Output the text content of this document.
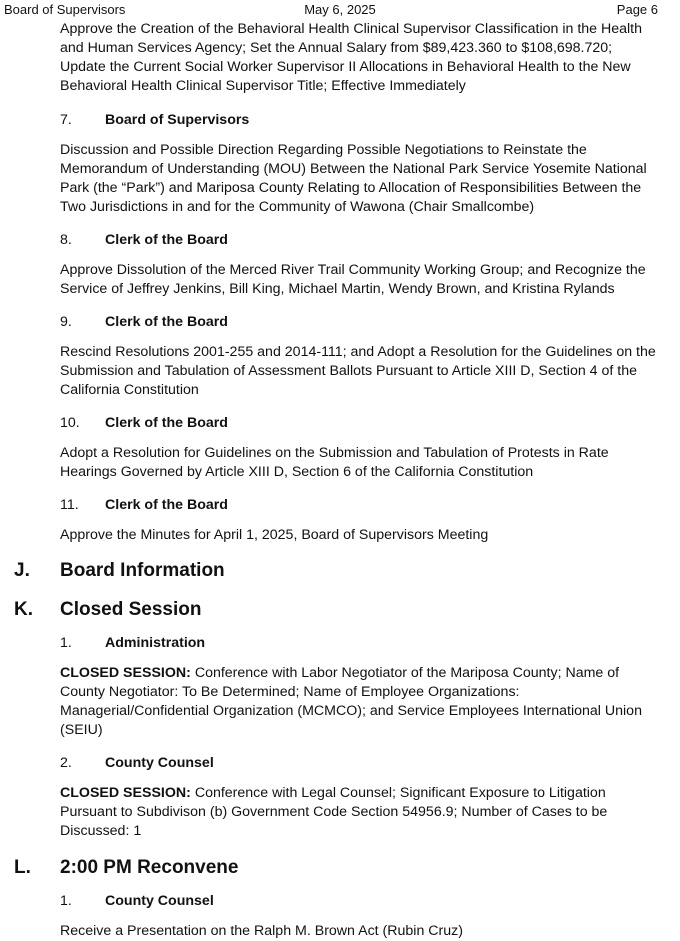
Board of Supervisors	May 6, 2025	Page 6

Approve the Creation of the Behavioral Health Clinical Supervisor Classification in the Health and Human Services Agency; Set the Annual Salary from $89,423.360 to $108,698.720; Update the Current Social Worker Supervisor II Allocations in Behavioral Health to the New Behavioral Health Clinical Supervisor Title; Effective Immediately

7.	Board of Supervisors

Discussion and Possible Direction Regarding Possible Negotiations to Reinstate the Memorandum of Understanding (MOU) Between the National Park Service Yosemite National Park (the “Park”) and Mariposa County Relating to Allocation of Responsibilities Between the Two Jurisdictions in and for the Community of Wawona (Chair Smallcombe)

8.	Clerk of the Board

Approve Dissolution of the Merced River Trail Community Working Group; and Recognize the Service of Jeffrey Jenkins, Bill King, Michael Martin, Wendy Brown, and Kristina Rylands

9.	Clerk of the Board

Rescind Resolutions 2001-255 and 2014-111; and Adopt a Resolution for the Guidelines on the Submission and Tabulation of Assessment Ballots Pursuant to Article XIII D, Section 4 of the California Constitution

10.	Clerk of the Board

Adopt a Resolution for Guidelines on the Submission and Tabulation of Protests in Rate Hearings Governed by Article XIII D, Section 6 of the California Constitution

11.	Clerk of the Board

Approve the Minutes for April 1, 2025, Board of Supervisors Meeting

J. Board Information
K. Closed Session
1.	Administration

CLOSED SESSION: Conference with Labor Negotiator of the Mariposa County; Name of County Negotiator: To Be Determined; Name of Employee Organizations: Managerial/Confidential Organization (MCMCO); and Service Employees International Union (SEIU)

2.	County Counsel

CLOSED SESSION: Conference with Legal Counsel; Significant Exposure to Litigation Pursuant to Subdivison (b) Government Code Section 54956.9; Number of Cases to be Discussed: 1

L. 2:00 PM Reconvene
1.	County Counsel

Receive a Presentation on the Ralph M. Brown Act (Rubin Cruz)
